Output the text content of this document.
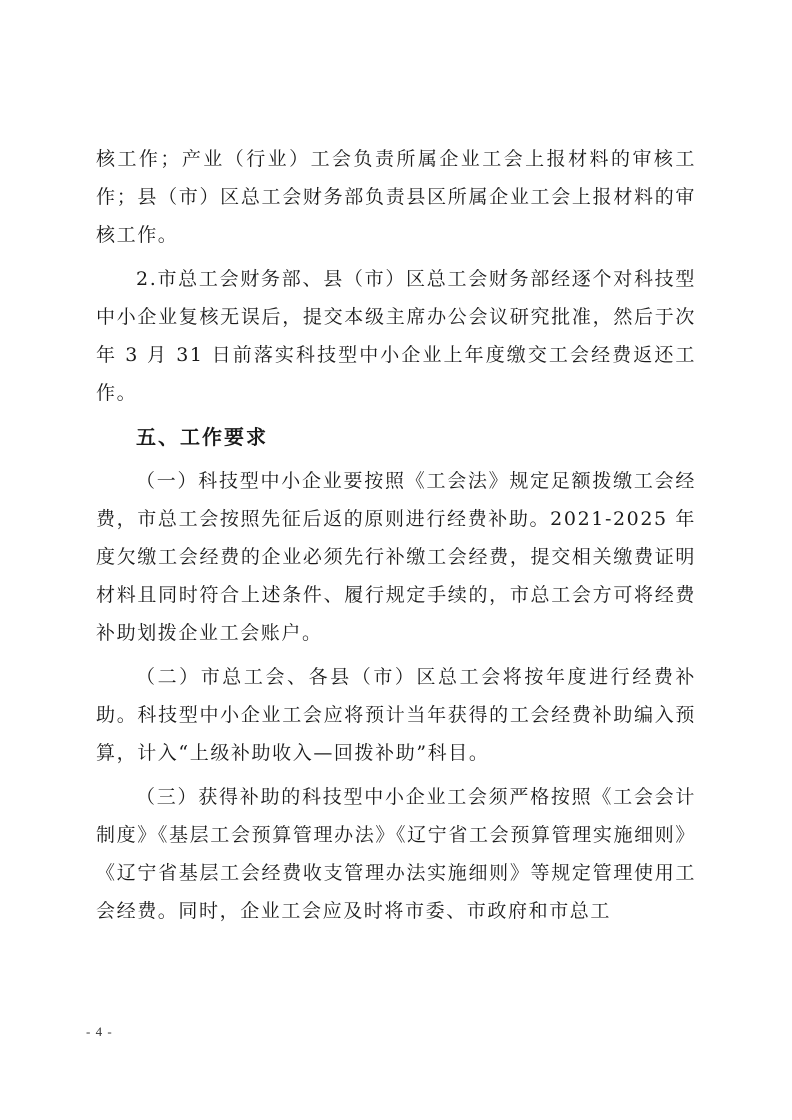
核工作；产业（行业）工会负责所属企业工会上报材料的审核工作；县（市）区总工会财务部负责县区所属企业工会上报材料的审核工作。

2.市总工会财务部、县（市）区总工会财务部经逐个对科技型中小企业复核无误后，提交本级主席办公会议研究批准，然后于次年 3 月 31 日前落实科技型中小企业上年度缴交工会经费返还工作。

五、工作要求

（一）科技型中小企业要按照《工会法》规定足额拨缴工会经费，市总工会按照先征后返的原则进行经费补助。2021-2025 年度欠缴工会经费的企业必须先行补缴工会经费，提交相关缴费证明材料且同时符合上述条件、履行规定手续的，市总工会方可将经费补助划拨企业工会账户。

（二）市总工会、各县（市）区总工会将按年度进行经费补助。科技型中小企业工会应将预计当年获得的工会经费补助编入预算，计入“上级补助收入—回拨补助”科目。

（三）获得补助的科技型中小企业工会须严格按照《工会会计制度》《基层工会预算管理办法》《辽宁省工会预算管理实施细则》《辽宁省基层工会经费收支管理办法实施细则》等规定管理使用工会经费。同时，企业工会应及时将市委、市政府和市总工

- 4 -
